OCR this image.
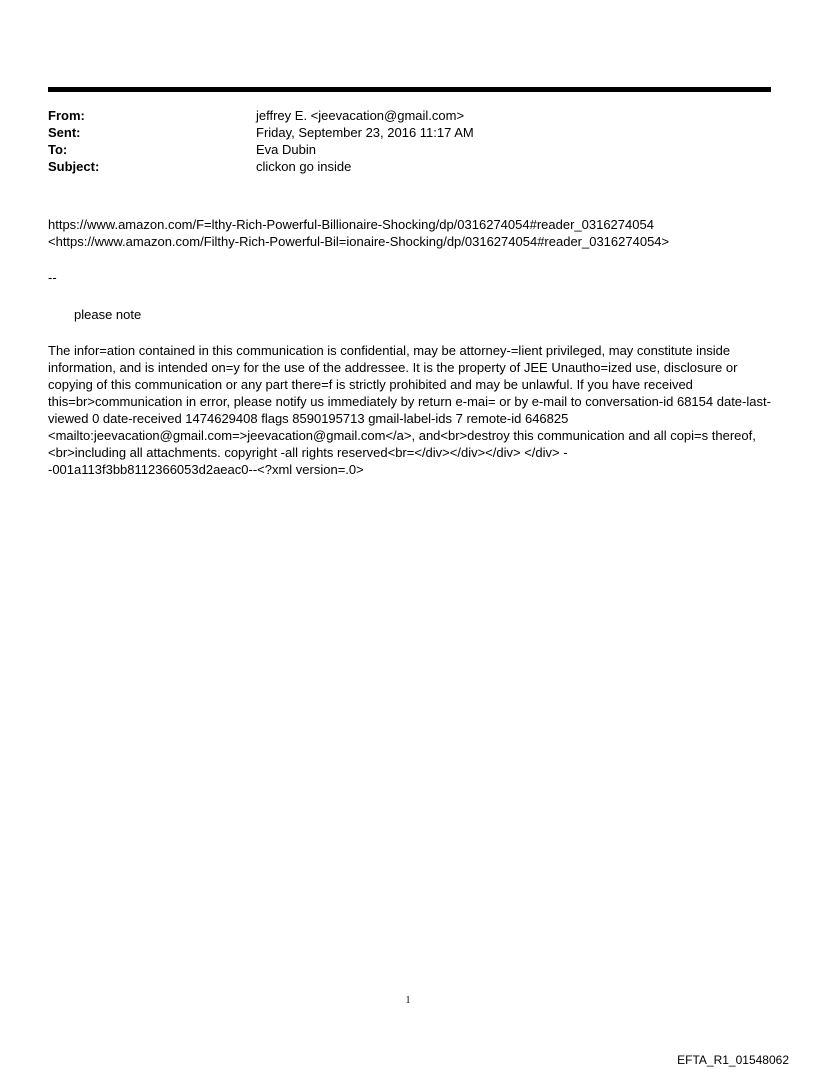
From:	jeffrey E. <jeevacation@gmail.com>
Sent:	Friday, September 23, 2016 11:17 AM
To:	Eva Dubin
Subject:	clickon go inside
https://www.amazon.com/F=lthy-Rich-Powerful-Billionaire-Shocking/dp/0316274054#reader_0316274054
<https://www.amazon.com/Filthy-Rich-Powerful-Bil=ionaire-Shocking/dp/0316274054#reader_0316274054>
--
please note
The infor=ation contained in this communication is confidential, may be attorney-=lient privileged, may constitute inside information, and is intended on=y for the use of the addressee. It is the property of JEE Unautho=ized use, disclosure or copying of this communication or any part there=f is strictly prohibited and may be unlawful. If you have received this=br>communication in error, please notify us immediately by return e-mai= or by e-mail to conversation-id 68154 date-last-viewed 0 date-received 1474629408 flags 8590195713 gmail-label-ids 7 remote-id 646825 <mailto:jeevacation@gmail.com=>jeevacation@gmail.com</a>, and<br>destroy this communication and all copi=s thereof,<br>including all attachments. copyright -all rights reserved<br=</div></div></div> </div> --001a113f3bb8112366053d2aeac0--<?xml version=.0>
1
EFTA_R1_01548062
